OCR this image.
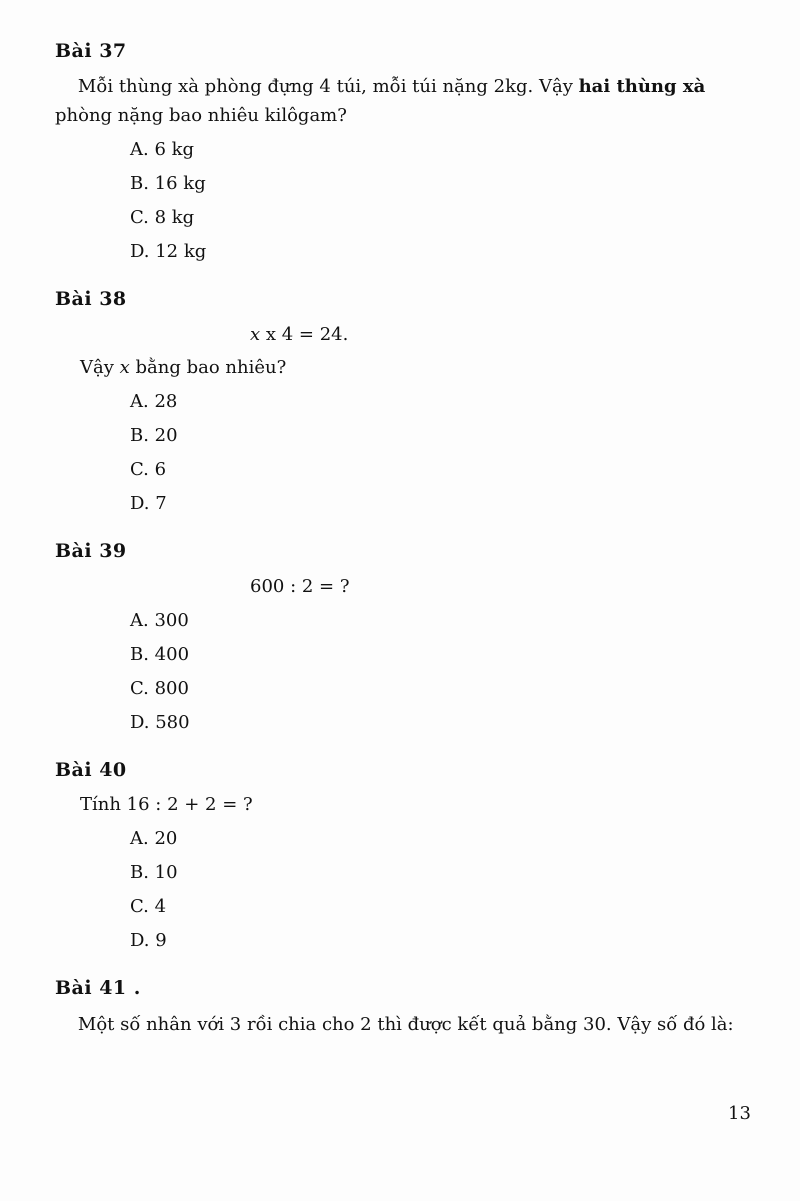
Bài 37
Mỗi thùng xà phòng đựng 4 túi, mỗi túi nặng 2kg. Vậy hai thùng xà phòng nặng bao nhiêu kilôgam?
A. 6 kg
B. 16 kg
C. 8 kg
D. 12 kg
Bài 38
x x 4 = 24.
Vậy x bằng bao nhiêu?
A. 28
B. 20
C. 6
D. 7
Bài 39
600 : 2 = ?
A. 300
B. 400
C. 800
D. 580
Bài 40
Tính 16 : 2 + 2 = ?
A. 20
B. 10
C. 4
D. 9
Bài 41 .
Một số nhân với 3 rồi chia cho 2 thì được kết quả bằng 30. Vậy số đó là:
13
